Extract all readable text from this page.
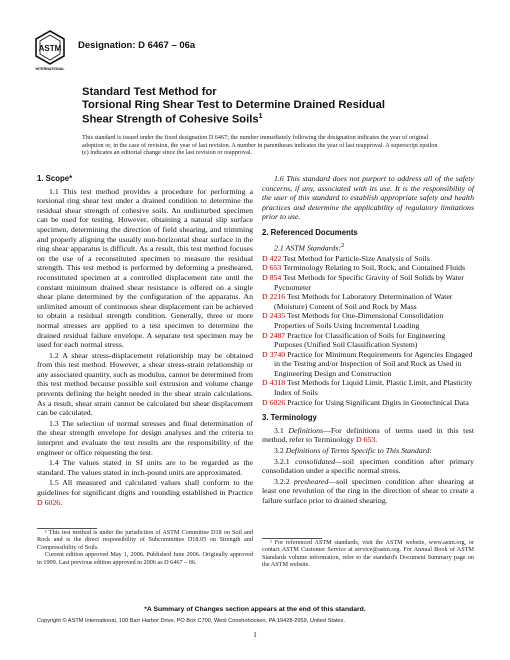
ASTM
INTERNATIONAL
Designation: D 6467 – 06a
Standard Test Method for
Torsional Ring Shear Test to Determine Drained Residual
Shear Strength of Cohesive Soils$^1$
This standard is issued under the fixed designation D 6467; the number immediately following the designation indicates the year of original adoption or, in the case of revision, the year of last revision. A number in parentheses indicates the year of last reapproval. A superscript epsilon (ε) indicates an editorial change since the last revision or reapproval.
1. Scope*

1.1 This test method provides a procedure for performing a torsional ring shear test under a drained condition to determine the residual shear strength of cohesive soils. An undisturbed specimen can be used for testing. However, obtaining a natural slip surface specimen, determining the direction of field shearing, and trimming and properly aligning the usually non-horizontal shear surface in the ring shear apparatus is difficult. As a result, this test method focuses on the use of a reconstituted specimen to measure the residual strength. This test method is performed by deforming a presheared, reconstituted specimen at a controlled displacement rate until the constant minimum drained shear resistance is offered on a single shear plane determined by the configuration of the apparatus. An unlimited amount of continuous shear displacement can be achieved to obtain a residual strength condition. Generally, three or more normal stresses are applied to a test specimen to determine the drained residual failure envelope. A separate test specimen may be used for each normal stress.

1.2 A shear stress-displacement relationship may be obtained from this test method. However, a shear stress-strain relationship or any associated quantity, such as modulus, cannot be determined from this test method because possible soil extrusion and volume change prevents defining the height needed in the shear strain calculations. As a result, shear strain cannot be calculated but shear displacement can be calculated.

1.3 The selection of normal stresses and final determination of the shear strength envelope for design analyses and the criteria to interpret and evaluate the test results are the responsibility of the engineer or office requesting the test.

1.4 The values stated in SI units are to be regarded as the standard. The values stated in inch-pound units are approximated.

1.5 All measured and calculated values shall conform to the guidelines for significant digits and rounding established in Practice D 6026.

¹ This test method is under the jurisdiction of ASTM Committee D18 on Soil and Rock and is the direct responsibility of Subcommittee D18.05 on Strength and Compressibility of Soils.

Current edition approved May 1, 2006. Published June 2006. Originally approved in 1999. Last previous edition approved in 2006 as D 6467 – 06.

1.6 This standard does not purport to address all of the safety concerns, if any, associated with its use. It is the responsibility of the user of this standard to establish appropriate safety and health practices and determine the applicability of regulatory limitations prior to use.

2. Referenced Documents

2.1 ASTM Standards:$^2$

D 422 Test Method for Particle-Size Analysis of Soils
D 653 Terminology Relating to Soil, Rock, and Contained Fluids
D 854 Test Methods for Specific Gravity of Soil Solids by Water Pycnometer
D 2216 Test Methods for Laboratory Determination of Water (Moisture) Content of Soil and Rock by Mass
D 2435 Test Methods for One-Dimensional Consolidation Properties of Soils Using Incremental Loading
D 2487 Practice for Classification of Soils for Engineering Purposes (Unified Soil Classification System)
D 3740 Practice for Minimum Requirements for Agencies Engaged in the Testing and/or Inspection of Soil and Rock as Used in Engineering Design and Construction
D 4318 Test Methods for Liquid Limit, Plastic Limit, and Plasticity Index of Soils
D 6026 Practice for Using Significant Digits in Geotechnical Data
3. Terminology

3.1 Definitions—For definitions of terms used in this test method, refer to Terminology D 653.

3.2 Definitions of Terms Specific to This Standard:

3.2.1 consolidated—soil specimen condition after primary consolidation under a specific normal stress.

3.2.2 presheared—soil specimen condition after shearing at least one revolution of the ring in the direction of shear to create a failure surface prior to drained shearing.

² For referenced ASTM standards, visit the ASTM website, www.astm.org, or contact ASTM Customer Service at service@astm.org. For Annual Book of ASTM Standards volume information, refer to the standard's Document Summary page on the ASTM website.

*A Summary of Changes section appears at the end of this standard.
Copyright © ASTM International, 100 Barr Harbor Drive, PO Box C700, West Conshohocken, PA 19428-2959, United States.
1
